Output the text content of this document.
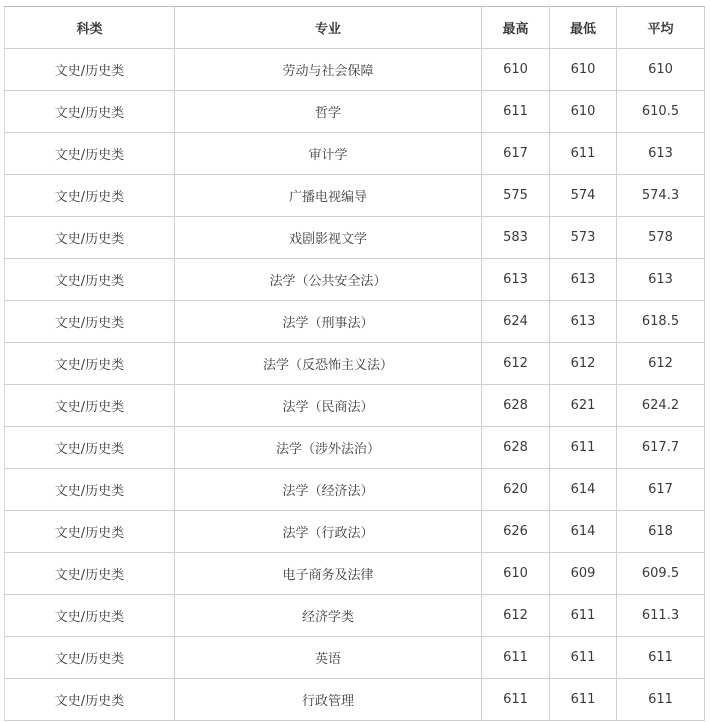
科类	专业	最高	最低	平均
文史/历史类	劳动与社会保障	610	610	610
文史/历史类	哲学	611	610	610.5
文史/历史类	审计学	617	611	613
文史/历史类	广播电视编导	575	574	574.3
文史/历史类	戏剧影视文学	583	573	578
文史/历史类	法学（公共安全法）	613	613	613
文史/历史类	法学（刑事法）	624	613	618.5
文史/历史类	法学（反恐怖主义法）	612	612	612
文史/历史类	法学（民商法）	628	621	624.2
文史/历史类	法学（涉外法治）	628	611	617.7
文史/历史类	法学（经济法）	620	614	617
文史/历史类	法学（行政法）	626	614	618
文史/历史类	电子商务及法律	610	609	609.5
文史/历史类	经济学类	612	611	611.3
文史/历史类	英语	611	611	611
文史/历史类	行政管理	611	611	611
